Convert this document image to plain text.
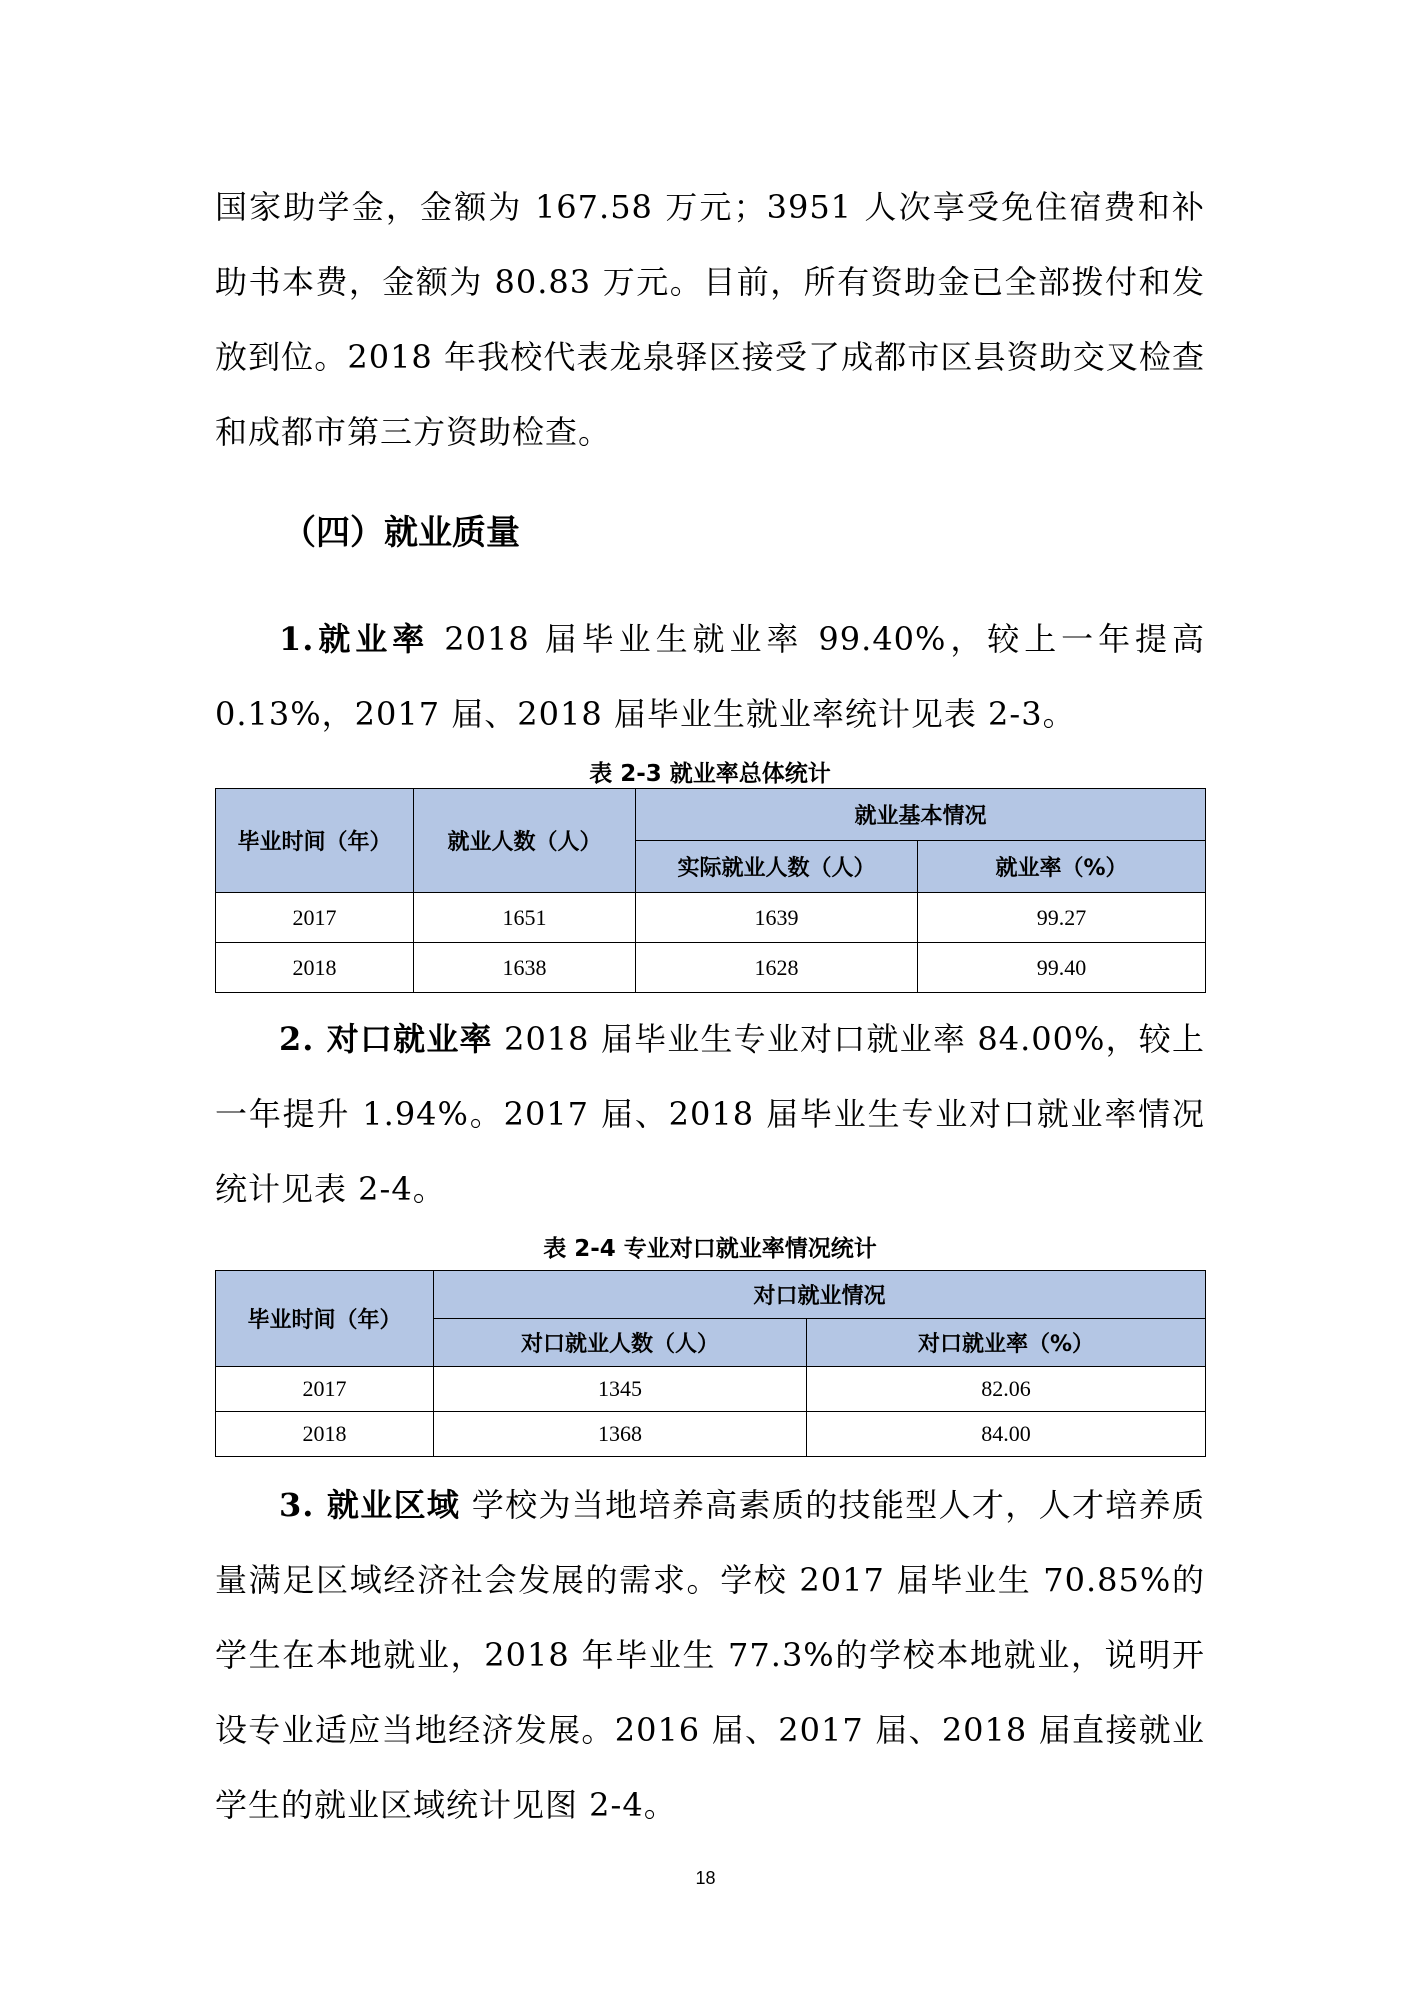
国家助学金，金额为 167.58 万元；3951 人次享受免住宿费和补助书本费，金额为 80.83 万元。目前，所有资助金已全部拨付和发放到位。2018 年我校代表龙泉驿区接受了成都市区县资助交叉检查和成都市第三方资助检查。

（四）就业质量

1.就业率 2018 届毕业生就业率 99.40%，较上一年提高 0.13%，2017 届、2018 届毕业生就业率统计见表 2-3。

表 2-3 就业率总体统计

毕业时间（年）	就业人数（人）	就业基本情况	
		实际就业人数（人）	就业率（%）
2017	1651	1639	99.27
2018	1638	1628	99.40

2. 对口就业率 2018 届毕业生专业对口就业率 84.00%，较上一年提升 1.94%。2017 届、2018 届毕业生专业对口就业率情况统计见表 2-4。

表 2-4 专业对口就业率情况统计

毕业时间（年）	对口就业情况	
	对口就业人数（人）	对口就业率（%）
2017	1345	82.06
2018	1368	84.00

3. 就业区域 学校为当地培养高素质的技能型人才，人才培养质量满足区域经济社会发展的需求。学校 2017 届毕业生 70.85%的学生在本地就业，2018 年毕业生 77.3%的学校本地就业，说明开设专业适应当地经济发展。2016 届、2017 届、2018 届直接就业学生的就业区域统计见图 2-4。

18
